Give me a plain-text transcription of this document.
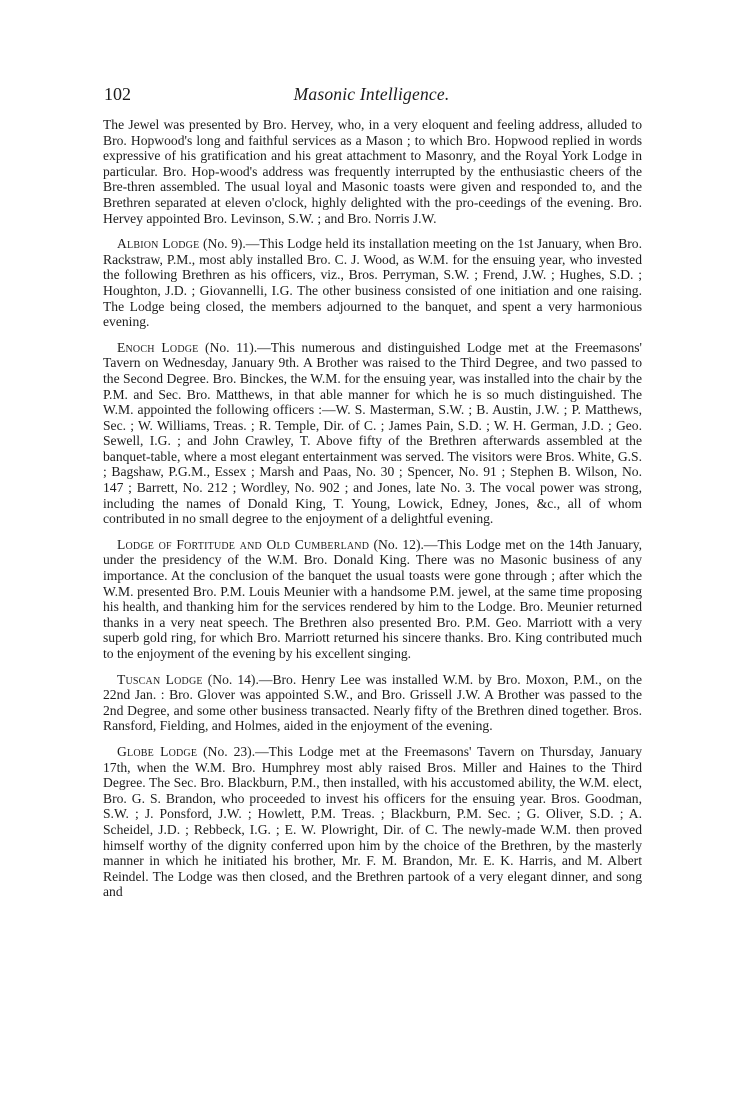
102	Masonic Intelligence.

The Jewel was presented by Bro. Hervey, who, in a very eloquent and feeling address, alluded to Bro. Hopwood's long and faithful services as a Mason ; to which Bro. Hopwood replied in words expressive of his gratification and his great attachment to Masonry, and the Royal York Lodge in particular. Bro. Hop-wood's address was frequently interrupted by the enthusiastic cheers of the Bre-thren assembled. The usual loyal and Masonic toasts were given and responded to, and the Brethren separated at eleven o'clock, highly delighted with the pro-ceedings of the evening. Bro. Hervey appointed Bro. Levinson, S.W. ; and Bro. Norris J.W.

Albion Lodge (No. 9).—This Lodge held its installation meeting on the 1st January, when Bro. Rackstraw, P.M., most ably installed Bro. C. J. Wood, as W.M. for the ensuing year, who invested the following Brethren as his officers, viz., Bros. Perryman, S.W. ; Frend, J.W. ; Hughes, S.D. ; Houghton, J.D. ; Giovannelli, I.G. The other business consisted of one initiation and one raising. The Lodge being closed, the members adjourned to the banquet, and spent a very harmonious evening.

Enoch Lodge (No. 11).—This numerous and distinguished Lodge met at the Freemasons' Tavern on Wednesday, January 9th. A Brother was raised to the Third Degree, and two passed to the Second Degree. Bro. Binckes, the W.M. for the ensuing year, was installed into the chair by the P.M. and Sec. Bro. Matthews, in that able manner for which he is so much distinguished. The W.M. appointed the following officers :—W. S. Masterman, S.W. ; B. Austin, J.W. ; P. Matthews, Sec. ; W. Williams, Treas. ; R. Temple, Dir. of C. ; James Pain, S.D. ; W. H. German, J.D. ; Geo. Sewell, I.G. ; and John Crawley, T. Above fifty of the Brethren afterwards assembled at the banquet-table, where a most elegant entertainment was served. The visitors were Bros. White, G.S. ; Bagshaw, P.G.M., Essex ; Marsh and Paas, No. 30 ; Spencer, No. 91 ; Stephen B. Wilson, No. 147 ; Barrett, No. 212 ; Wordley, No. 902 ; and Jones, late No. 3. The vocal power was strong, including the names of Donald King, T. Young, Lowick, Edney, Jones, &c., all of whom contributed in no small degree to the enjoyment of a delightful evening.

Lodge of Fortitude and Old Cumberland (No. 12).—This Lodge met on the 14th January, under the presidency of the W.M. Bro. Donald King. There was no Masonic business of any importance. At the conclusion of the banquet the usual toasts were gone through ; after which the W.M. presented Bro. P.M. Louis Meunier with a handsome P.M. jewel, at the same time proposing his health, and thanking him for the services rendered by him to the Lodge. Bro. Meunier returned thanks in a very neat speech. The Brethren also presented Bro. P.M. Geo. Marriott with a very superb gold ring, for which Bro. Marriott returned his sincere thanks. Bro. King contributed much to the enjoyment of the evening by his excellent singing.

Tuscan Lodge (No. 14).—Bro. Henry Lee was installed W.M. by Bro. Moxon, P.M., on the 22nd Jan. : Bro. Glover was appointed S.W., and Bro. Grissell J.W. A Brother was passed to the 2nd Degree, and some other business transacted. Nearly fifty of the Brethren dined together. Bros. Ransford, Fielding, and Holmes, aided in the enjoyment of the evening.

Globe Lodge (No. 23).—This Lodge met at the Freemasons' Tavern on Thursday, January 17th, when the W.M. Bro. Humphrey most ably raised Bros. Miller and Haines to the Third Degree. The Sec. Bro. Blackburn, P.M., then installed, with his accustomed ability, the W.M. elect, Bro. G. S. Brandon, who proceeded to invest his officers for the ensuing year. Bros. Goodman, S.W. ; J. Ponsford, J.W. ; Howlett, P.M. Treas. ; Blackburn, P.M. Sec. ; G. Oliver, S.D. ; A. Scheidel, J.D. ; Rebbeck, I.G. ; E. W. Plowright, Dir. of C. The newly-made W.M. then proved himself worthy of the dignity conferred upon him by the choice of the Brethren, by the masterly manner in which he initiated his brother, Mr. F. M. Brandon, Mr. E. K. Harris, and M. Albert Reindel. The Lodge was then closed, and the Brethren partook of a very elegant dinner, and song and
